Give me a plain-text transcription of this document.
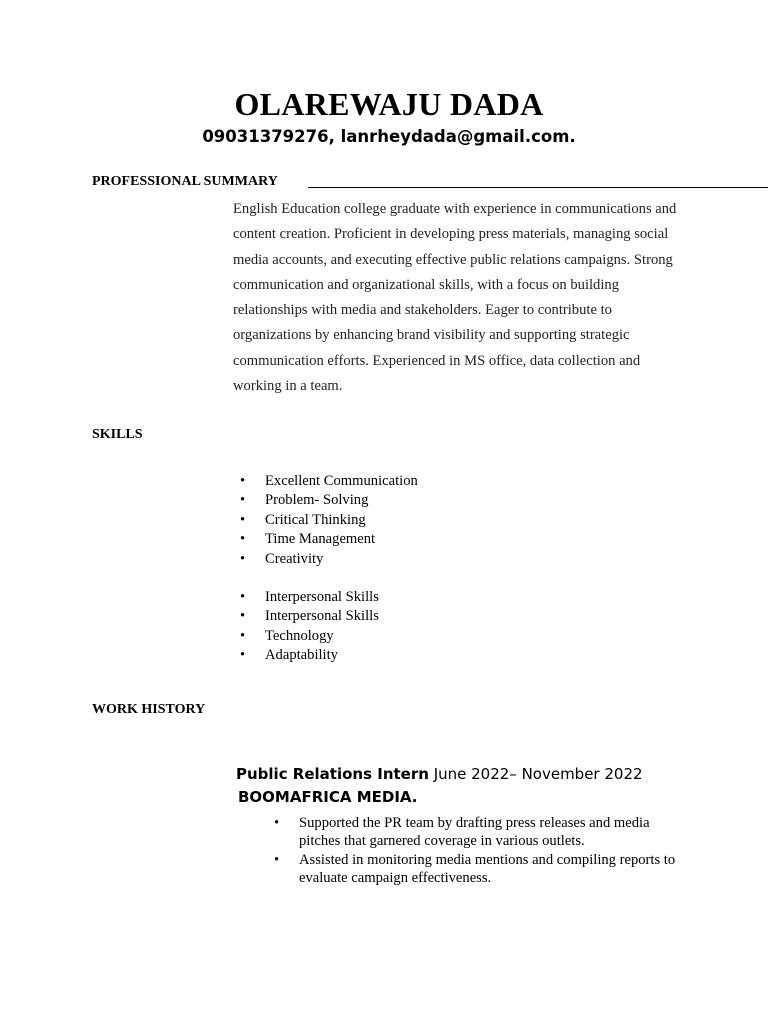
OLAREWAJU DADA
09031379276, lanrheydada@gmail.com.
PROFESSIONAL SUMMARY
English Education college graduate with experience in communications and content creation. Proficient in developing press materials, managing social media accounts, and executing effective public relations campaigns. Strong communication and organizational skills, with a focus on building relationships with media and stakeholders. Eager to contribute to organizations by enhancing brand visibility and supporting strategic communication efforts. Experienced in MS office, data collection and working in a team.
SKILLS
• Excellent Communication
• Problem- Solving
• Critical Thinking
• Time Management
• Creativity
• Interpersonal Skills
• Interpersonal Skills
• Technology
• Adaptability
WORK HISTORY
Public Relations Intern June 2022– November 2022
BOOMAFRICA MEDIA.
• Supported the PR team by drafting press releases and media pitches that garnered coverage in various outlets.
• Assisted in monitoring media mentions and compiling reports to evaluate campaign effectiveness.
